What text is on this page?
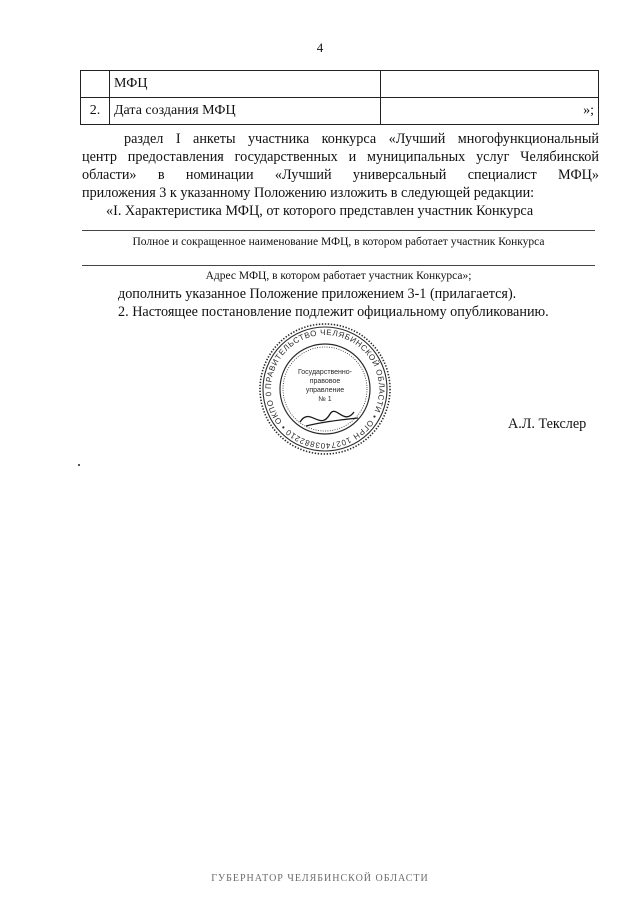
4
	МФЦ	
2.	Дата создания МФЦ	»;
раздел I анкеты участника конкурса «Лучший многофункциональный
центр предоставления государственных и муниципальных услуг Челябинской
области» в номинации «Лучший универсальный специалист МФЦ»
приложения 3 к указанному Положению изложить в следующей редакции:
«I. Характеристика МФЦ, от которого представлен участник Конкурса
Полное и сокращенное наименование МФЦ, в котором работает участник Конкурса
Адрес МФЦ, в котором работает участник Конкурса»;
дополнить указанное Положение приложением 3-1 (прилагается).
2. Настоящее постановление подлежит официальному опубликованию.
ПРАВИТЕЛЬСТВО ЧЕЛЯБИНСКОЙ ОБЛАСТИ • ОГРН 1027403882210 • ОКПО 0
Государственно-
правовое
управление
№ 1
А.Л. Текслер
ГУБЕРНАТОР ЧЕЛЯБИНСКОЙ ОБЛАСТИ
